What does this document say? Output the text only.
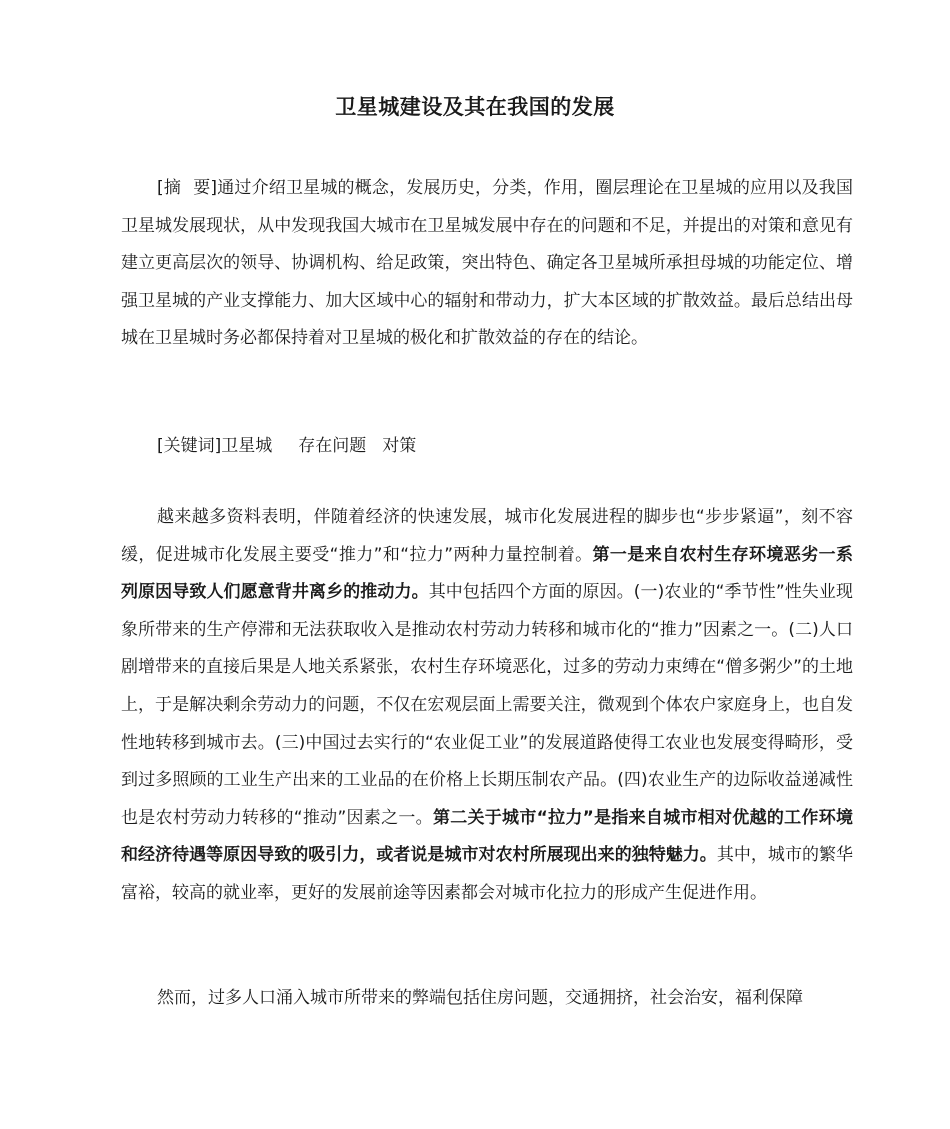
卫星城建设及其在我国的发展

[摘 要]通过介绍卫星城的概念，发展历史，分类，作用，圈层理论在卫星城的应用以及我国卫星城发展现状，从中发现我国大城市在卫星城发展中存在的问题和不足，并提出的对策和意见有建立更高层次的领导、协调机构、给足政策，突出特色、确定各卫星城所承担母城的功能定位、增强卫星城的产业支撑能力、加大区域中心的辐射和带动力，扩大本区域的扩散效益。最后总结出母城在卫星城时务必都保持着对卫星城的极化和扩散效益的存在的结论。

[关键词]卫星城 存在问题 对策

越来越多资料表明，伴随着经济的快速发展，城市化发展进程的脚步也“步步紧逼”，刻不容缓，促进城市化发展主要受“推力”和“拉力”两种力量控制着。第一是来自农村生存环境恶劣一系列原因导致人们愿意背井离乡的推动力。其中包括四个方面的原因。(一)农业的“季节性”性失业现象所带来的生产停滞和无法获取收入是推动农村劳动力转移和城市化的“推力”因素之一。(二)人口剧增带来的直接后果是人地关系紧张，农村生存环境恶化，过多的劳动力束缚在“僧多粥少”的土地上，于是解决剩余劳动力的问题，不仅在宏观层面上需要关注，微观到个体农户家庭身上，也自发性地转移到城市去。(三)中国过去实行的“农业促工业”的发展道路使得工农业也发展变得畸形，受到过多照顾的工业生产出来的工业品的在价格上长期压制农产品。(四)农业生产的边际收益递减性也是农村劳动力转移的“推动”因素之一。第二关于城市“拉力”是指来自城市相对优越的工作环境和经济待遇等原因导致的吸引力，或者说是城市对农村所展现出来的独特魅力。其中，城市的繁华富裕，较高的就业率，更好的发展前途等因素都会对城市化拉力的形成产生促进作用。

然而，过多人口涌入城市所带来的弊端包括住房问题，交通拥挤，社会治安，福利保障
